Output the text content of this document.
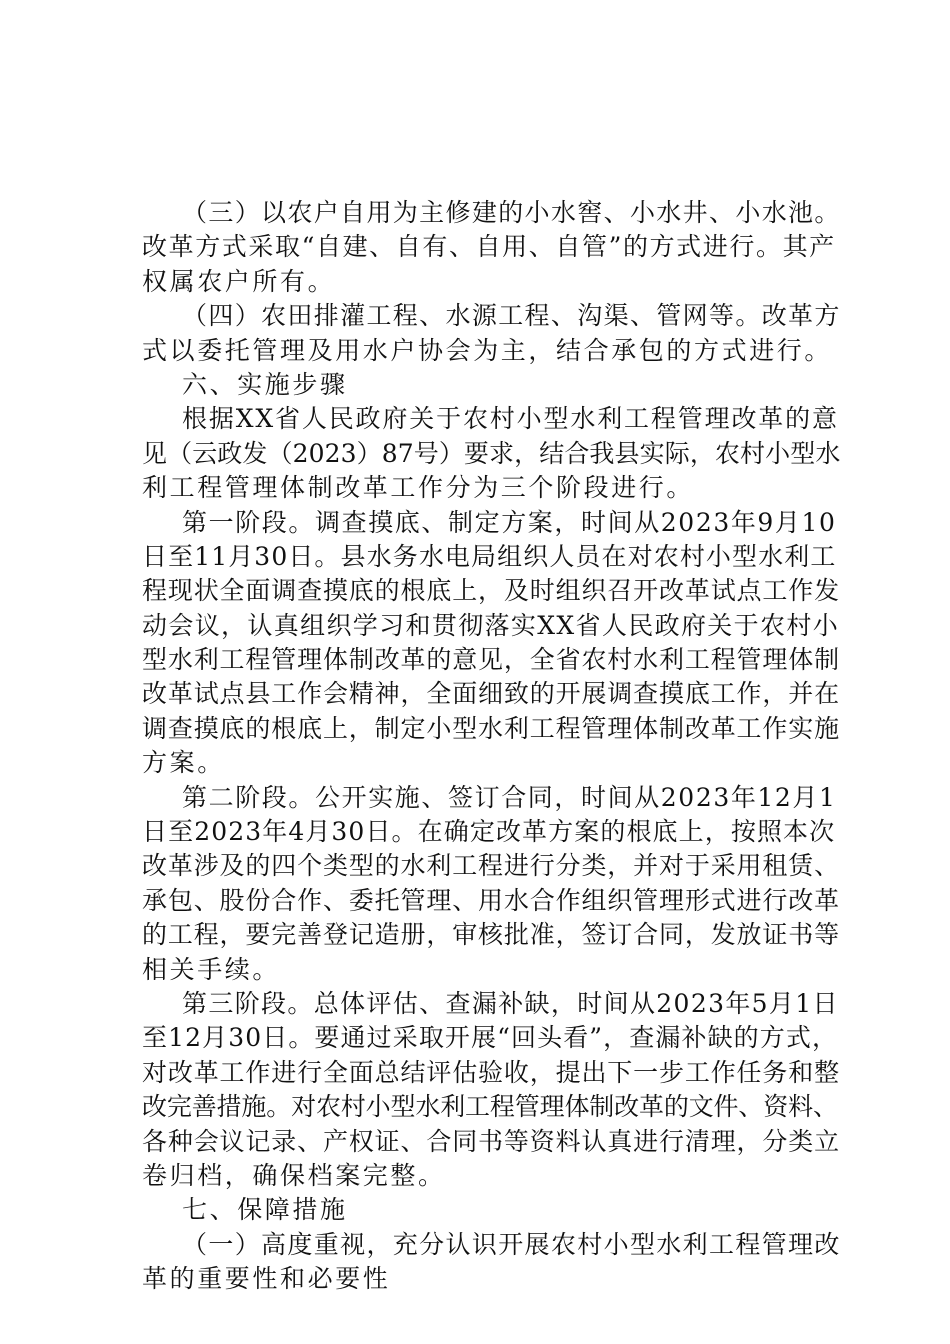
（三）以农户自用为主修建的小水窖、小水井、小水池。
改革方式采取“自建、自有、自用、自管”的方式进行。其产
权属农户所有。
（四）农田排灌工程、水源工程、沟渠、管网等。改革方
式以委托管理及用水户协会为主，结合承包的方式进行。
六、实施步骤
根据XX省人民政府关于农村小型水利工程管理改革的意
见（云政发（2023）87号）要求，结合我县实际，农村小型水
利工程管理体制改革工作分为三个阶段进行。
第一阶段。调查摸底、制定方案，时间从2023年9月10
日至11月30日。县水务水电局组织人员在对农村小型水利工
程现状全面调查摸底的根底上，及时组织召开改革试点工作发
动会议，认真组织学习和贯彻落实XX省人民政府关于农村小
型水利工程管理体制改革的意见，全省农村水利工程管理体制
改革试点县工作会精神，全面细致的开展调查摸底工作，并在
调查摸底的根底上，制定小型水利工程管理体制改革工作实施
方案。
第二阶段。公开实施、签订合同，时间从2023年12月1
日至2023年4月30日。在确定改革方案的根底上，按照本次
改革涉及的四个类型的水利工程进行分类，并对于采用租赁、
承包、股份合作、委托管理、用水合作组织管理形式进行改革
的工程，要完善登记造册，审核批准，签订合同，发放证书等
相关手续。
第三阶段。总体评估、查漏补缺，时间从2023年5月1日
至12月30日。要通过采取开展“回头看”，查漏补缺的方式，
对改革工作进行全面总结评估验收，提出下一步工作任务和整
改完善措施。对农村小型水利工程管理体制改革的文件、资料、
各种会议记录、产权证、合同书等资料认真进行清理，分类立
卷归档，确保档案完整。
七、保障措施
（一）高度重视，充分认识开展农村小型水利工程管理改
革的重要性和必要性
